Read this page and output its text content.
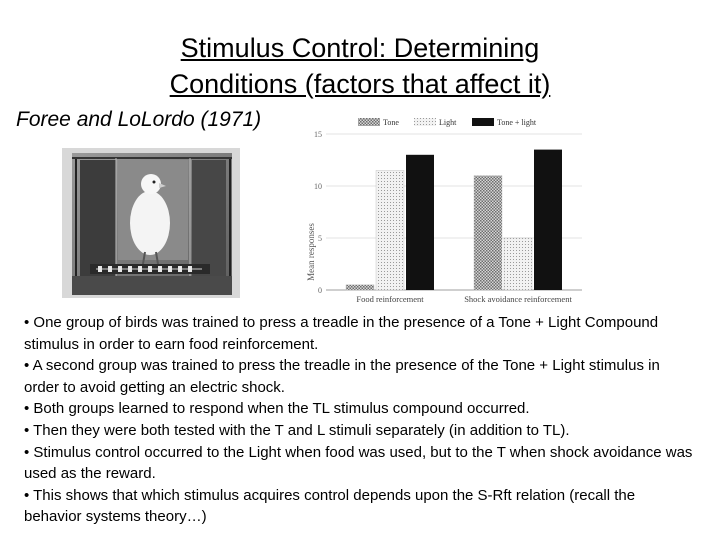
Stimulus Control: Determining
Conditions (factors that affect it)
Foree and LoLordo (1971)
Mean responses
0
5
10
15
Food reinforcement	Shock avoidance reinforcement
Tone	Light	Tone + light

• One group of birds was trained to press a treadle in the presence of a Tone + Light Compound stimulus in order to earn food reinforcement.

• A second group was trained to press the treadle in the presence of the Tone + Light stimulus in order to avoid getting an electric shock.

• Both groups learned to respond when the TL stimulus compound occurred.

• Then they were both tested with the T and L stimuli separately (in addition to TL).

• Stimulus control occurred to the Light when food was used, but to the T when shock avoidance was used as the reward.

• This shows that which stimulus acquires control depends upon the S-Rft relation (recall the behavior systems theory…)
